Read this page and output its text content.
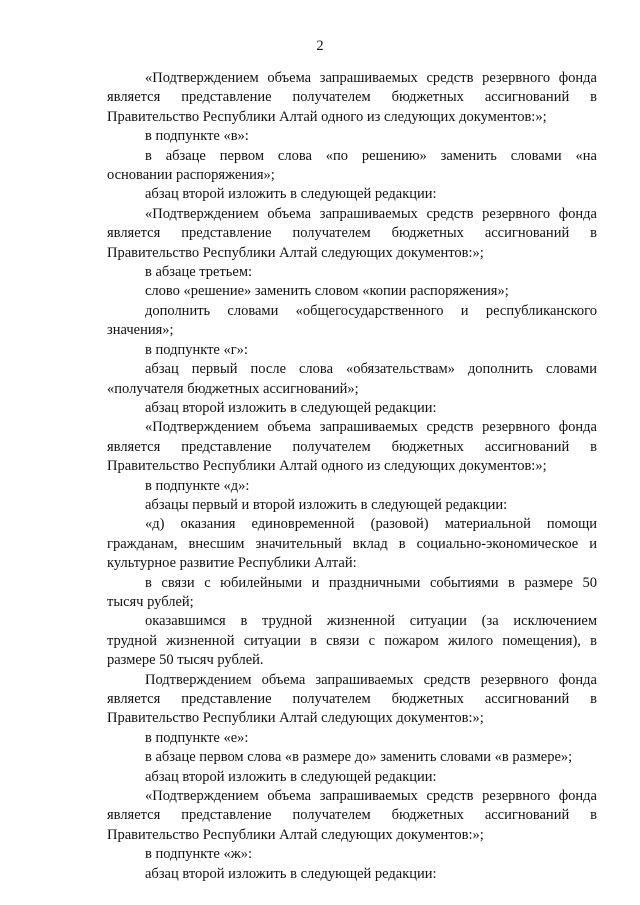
2
«Подтверждением объема запрашиваемых средств резервного фонда
является представление получателем бюджетных ассигнований в
Правительство Республики Алтай одного из следующих документов:»;
в подпункте «в»:
в абзаце первом слова «по решению» заменить словами «на
основании распоряжения»;
абзац второй изложить в следующей редакции:
«Подтверждением объема запрашиваемых средств резервного фонда
является представление получателем бюджетных ассигнований в
Правительство Республики Алтай следующих документов:»;
в абзаце третьем:
слово «решение» заменить словом «копии распоряжения»;
дополнить словами «общегосударственного и республиканского
значения»;
в подпункте «г»:
абзац первый после слова «обязательствам» дополнить словами
«получателя бюджетных ассигнований»;
абзац второй изложить в следующей редакции:
«Подтверждением объема запрашиваемых средств резервного фонда
является представление получателем бюджетных ассигнований в
Правительство Республики Алтай одного из следующих документов:»;
в подпункте «д»:
абзацы первый и второй изложить в следующей редакции:
«д) оказания единовременной (разовой) материальной помощи
гражданам, внесшим значительный вклад в социально-экономическое и
культурное развитие Республики Алтай:
в связи с юбилейными и праздничными событиями в размере 50
тысяч рублей;
оказавшимся в трудной жизненной ситуации (за исключением
трудной жизненной ситуации в связи с пожаром жилого помещения), в
размере 50 тысяч рублей.
Подтверждением объема запрашиваемых средств резервного фонда
является представление получателем бюджетных ассигнований в
Правительство Республики Алтай следующих документов:»;
в подпункте «е»:
в абзаце первом слова «в размере до» заменить словами «в размере»;
абзац второй изложить в следующей редакции:
«Подтверждением объема запрашиваемых средств резервного фонда
является представление получателем бюджетных ассигнований в
Правительство Республики Алтай следующих документов:»;
в подпункте «ж»:
абзац второй изложить в следующей редакции:
